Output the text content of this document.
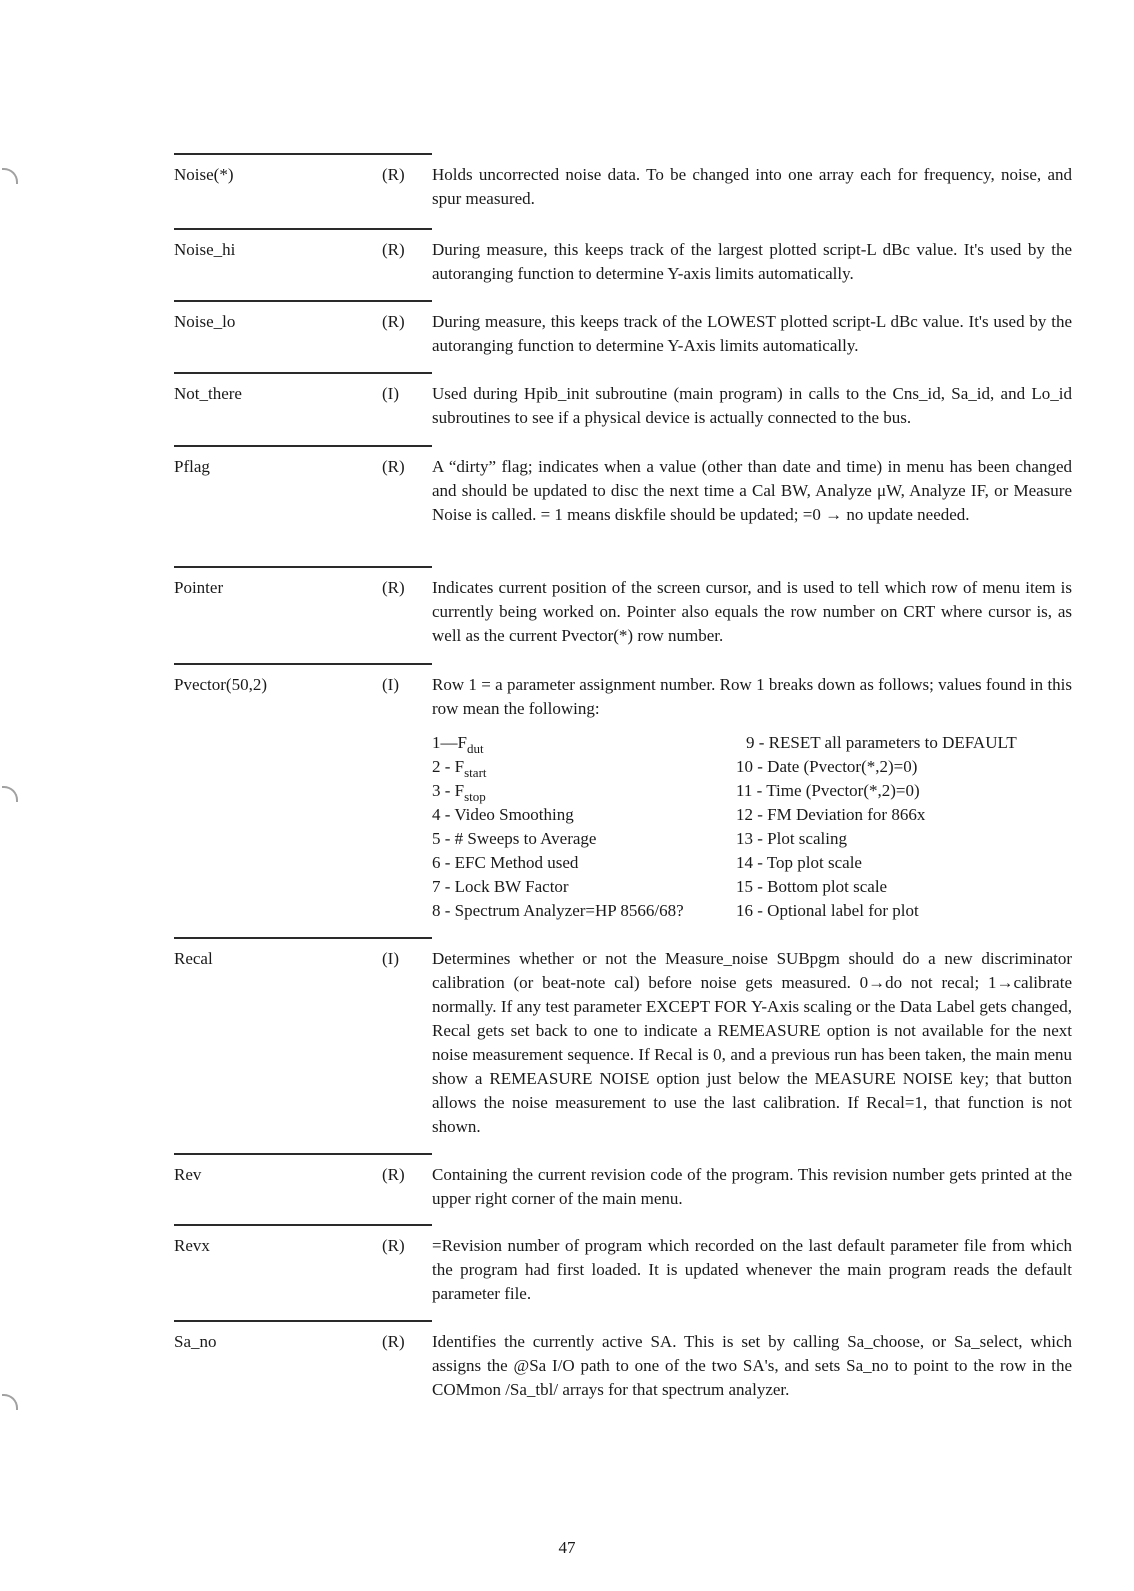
Noise(*)	(R) Holds uncorrected noise data. To be changed into one array each for frequency, noise, and spur measured.
Noise_hi	(R) During measure, this keeps track of the largest plotted script-L dBc value. It's used by the autoranging function to determine Y-axis limits automatically.
Noise_lo	(R) During measure, this keeps track of the LOWEST plotted script-L dBc value. It's used by the autoranging function to determine Y-Axis limits automatically.
Not_there	(I) Used during Hpib_init subroutine (main program) in calls to the Cns_id, Sa_id, and Lo_id subroutines to see if a physical device is actually connected to the bus.
Pflag	(R) A “dirty” flag; indicates when a value (other than date and time) in menu has been changed and should be updated to disc the next time a Cal BW, Analyze μW, Analyze IF, or Measure Noise is called. = 1 means diskfile should be updated; =0 → no update needed.
Pointer	(R) Indicates current position of the screen cursor, and is used to tell which row of menu item is currently being worked on. Pointer also equals the row number on CRT where cursor is, as well as the current Pvector(*) row number.
Pvector(50,2)	(I) Row 1 = a parameter assignment number. Row 1 breaks down as follows; values found in this row mean the following:
$1—F_{dut}$
$2 - F_{start}$
$3 - F_{stop}$
4 - Video Smoothing
5 - # Sweeps to Average
6 - EFC Method used
7 - Lock BW Factor
8 - Spectrum Analyzer=HP 8566/68?
9 - RESET all parameters to DEFAULT
10 - Date (Pvector(*,2)=0)
11 - Time (Pvector(*,2)=0)
12 - FM Deviation for 866x
13 - Plot scaling
14 - Top plot scale
15 - Bottom plot scale
16 - Optional label for plot
Recal	(I) Determines whether or not the Measure_noise SUBpgm should do a new discriminator calibration (or beat-note cal) before noise gets measured. 0→do not recal; 1→calibrate normally. If any test parameter EXCEPT FOR Y-Axis scaling or the Data Label gets changed, Recal gets set back to one to indicate a REMEASURE option is not available for the next noise measurement sequence. If Recal is 0, and a previous run has been taken, the main menu show a REMEASURE NOISE option just below the MEASURE NOISE key; that button allows the noise measurement to use the last calibration. If Recal=1, that function is not shown.
Rev	(R) Containing the current revision code of the program. This revision number gets printed at the upper right corner of the main menu.
Revx	(R) =Revision number of program which recorded on the last default parameter file from which the program had first loaded. It is updated whenever the main program reads the default parameter file.
Sa_no	(R) Identifies the currently active SA. This is set by calling Sa_choose, or Sa_select, which assigns the @Sa I/O path to one of the two SA's, and sets Sa_no to point to the row in the COMmon /Sa_tbl/ arrays for that spectrum analyzer.
47
